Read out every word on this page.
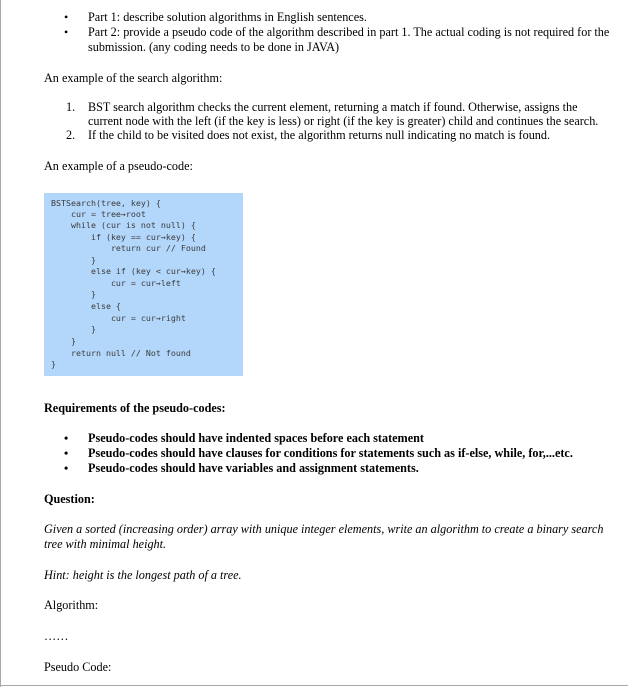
• Part 1: describe solution algorithms in English sentences.
• Part 2: provide a pseudo code of the algorithm described in part 1. The actual coding is not required for the submission. (any coding needs to be done in JAVA)
An example of the search algorithm:
1. BST search algorithm checks the current element, returning a match if found. Otherwise, assigns the current node with the left (if the key is less) or right (if the key is greater) child and continues the search.
2. If the child to be visited does not exist, the algorithm returns null indicating no match is found.
An example of a pseudo-code:
BSTSearch(tree, key) {
cur = tree→root
while (cur is not null) {
if (key == cur→key) {
return cur // Found
}
else if (key < cur→key) {
cur = cur→left
}
else {
cur = cur→right
}
}
return null // Not found
}
Requirements of the pseudo-codes:
• Pseudo-codes should have indented spaces before each statement
• Pseudo-codes should have clauses for conditions for statements such as if-else, while, for,...etc.
• Pseudo-codes should have variables and assignment statements.
Question:
Given a sorted (increasing order) array with unique integer elements, write an algorithm to create a binary search tree with minimal height.
Hint: height is the longest path of a tree.
Algorithm:
……
Pseudo Code:
